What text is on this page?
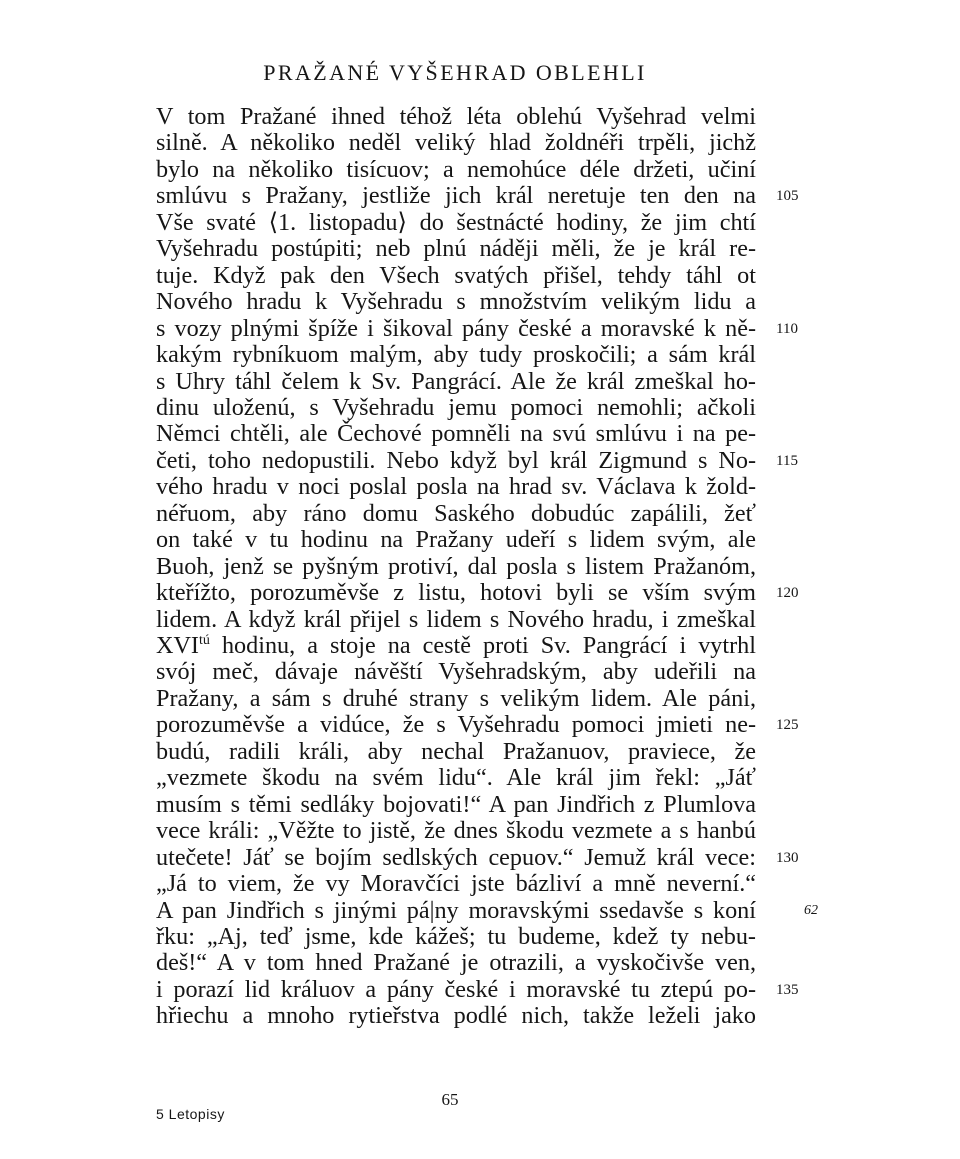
PRAŽANÉ VYŠEHRAD OBLEHLI
V tom Pražané ihned téhož léta oblehú Vyšehrad velmi
silně. A několiko neděl veliký hlad žoldnéři trpěli, jichž
bylo na několiko tisícuov; a nemohúce déle držeti, učiní
smlúvu s Pražany, jestliže jich král neretuje ten den na
Vše svaté ⟨1. listopadu⟩ do šestnácté hodiny, že jim chtí
Vyšehradu postúpiti; neb plnú náději měli, že je král re-
tuje. Když pak den Všech svatých přišel, tehdy táhl ot
Nového hradu k Vyšehradu s množstvím velikým lidu a
s vozy plnými špíže i šikoval pány české a moravské k ně-
kakým rybníkuom malým, aby tudy proskočili; a sám král
s Uhry táhl čelem k Sv. Pangrácí. Ale že král zmeškal ho-
dinu uloženú, s Vyšehradu jemu pomoci nemohli; ačkoli
Němci chtěli, ale Čechové pomněli na svú smlúvu i na pe-
četi, toho nedopustili. Nebo když byl král Zigmund s No-
vého hradu v noci poslal posla na hrad sv. Václava k žold-
néřuom, aby ráno domu Saského dobudúc zapálili, žeť
on také v tu hodinu na Pražany udeří s lidem svým, ale
Buoh, jenž se pyšným protiví, dal posla s listem Pražanóm,
kteřížto, porozuměvše z listu, hotovi byli se vším svým
lidem. A když král přijel s lidem s Nového hradu, i zmeškal
$XVI^{tú}$ hodinu, a stoje na cestě proti Sv. Pangrácí i vytrhl
svój meč, dávaje návěští Vyšehradským, aby udeřili na
Pražany, a sám s druhé strany s velikým lidem. Ale páni,
porozuměvše a vidúce, že s Vyšehradu pomoci jmieti ne-
budú, radili králi, aby nechal Pražanuov, praviece, že
„vezmete škodu na svém lidu“. Ale král jim řekl: „Jáť
musím s těmi sedláky bojovati!“ A pan Jindřich z Plumlova
vece králi: „Věžte to jistě, že dnes škodu vezmete a s hanbú
utečete! Jáť se bojím sedlských cepuov.“ Jemuž král vece:
„Já to viem, že vy Moravčíci jste bázliví a mně neverní.“
A pan Jindřich s jinými pá|ny moravskými ssedavše s koní
řku: „Aj, teď jsme, kde kážeš; tu budeme, kdež ty nebu-
deš!“ A v tom hned Pražané je otrazili, a vyskočivše ven,
i porazí lid králuov a pány české i moravské tu ztepú po-
hřiechu a mnoho rytieřstva podlé nich, takže leželi jako
5 Letopisy
65
105
110
115
120
125
130
135
62
